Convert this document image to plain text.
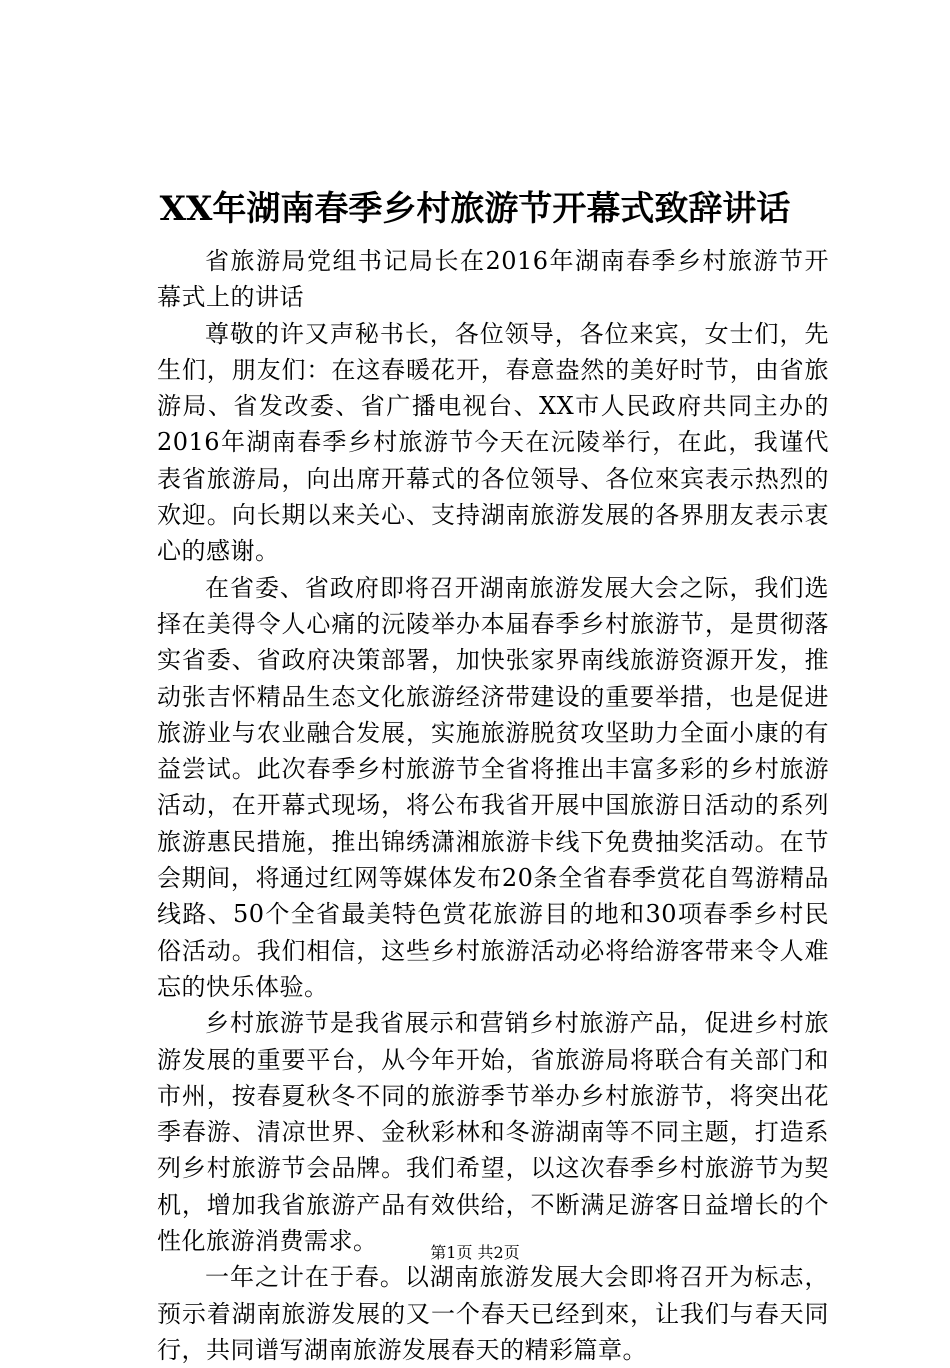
XX年湖南春季乡村旅游节开幕式致辞讲话

省旅游局党组书记局长在2016年湖南春季乡村旅游节开幕式上的讲话

尊敬的许又声秘书长，各位领导，各位来宾，女士们，先生们，朋友们：在这春暖花开，春意盎然的美好时节，由省旅游局、省发改委、省广播电视台、XX市人民政府共同主办的2016年湖南春季乡村旅游节今天在沅陵举行，在此，我谨代表省旅游局，向出席开幕式的各位领导、各位來宾表示热烈的欢迎。向长期以来关心、支持湖南旅游发展的各界朋友表示衷心的感谢。

在省委、省政府即将召开湖南旅游发展大会之际，我们选择在美得令人心痛的沅陵举办本届春季乡村旅游节，是贯彻落实省委、省政府决策部署，加快张家界南线旅游资源开发，推动张吉怀精品生态文化旅游经济带建设的重要举措，也是促进旅游业与农业融合发展，实施旅游脱贫攻坚助力全面小康的有益尝试。此次春季乡村旅游节全省将推出丰富多彩的乡村旅游活动，在开幕式现场，将公布我省开展中国旅游日活动的系列旅游惠民措施，推出锦绣潇湘旅游卡线下免费抽奖活动。在节会期间，将通过红网等媒体发布20条全省春季赏花自驾游精品线路、50个全省最美特色赏花旅游目的地和30项春季乡村民俗活动。我们相信，这些乡村旅游活动必将给游客带来令人难忘的快乐体验。

乡村旅游节是我省展示和营销乡村旅游产品，促进乡村旅游发展的重要平台，从今年开始，省旅游局将联合有关部门和市州，按春夏秋冬不同的旅游季节举办乡村旅游节，将突出花季春游、清凉世界、金秋彩林和冬游湖南等不同主题，打造系列乡村旅游节会品牌。我们希望，以这次春季乡村旅游节为契机，增加我省旅游产品有效供给，不断满足游客日益增长的个性化旅游消费需求。

一年之计在于春。以湖南旅游发展大会即将召开为标志，预示着湖南旅游发展的又一个春天已经到來，让我们与春天同行，共同谱写湖南旅游发展春天的精彩篇章。

第1页 共2页
